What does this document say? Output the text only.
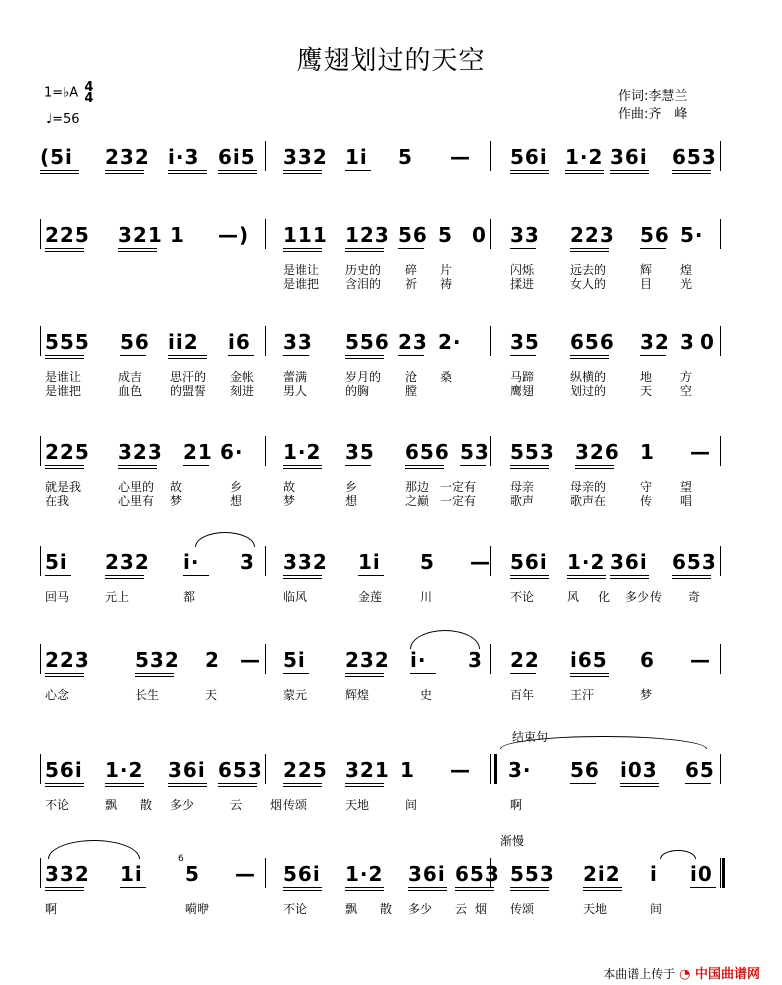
鹰翅划过的天空
作词:李慧兰
作曲:齐　峰
1=♭A 4
4
♩=56
(5i 232 i·3 6i5 332 1i 5 — 56i 1·2 36i 653
225 321 1 —) 111 123 56 5 0 33 223 56 5·
是谁让 历史的 碎 片	闪烁	远去的	辉 煌
是谁把 含泪的 祈 祷	揉进	女人的	目 光
555 56 ii2 i6 33 556 23 2· 35 656 32 3 0
是谁让	成吉 思汗的 金帐 蕾满	岁月的 沧 桑	马蹄	纵横的	地 方
是谁把	血色 的盟誓 刻进 男人	的胸	膛	鹰翅	划过的	天 空
225 323 21 6· 1·2 35 656 53 553 326 1 —
就是我	心里的 故	乡	故	乡	那边 一定有	母亲	母亲的	守 望
在我	心里有 梦	想	梦	想	之巅 一定有	歌声	歌声在	传 唱
5i 232 i· 3 332 1i 5 — 56i 1·2 36i 653
回马	元上	都	临风	金莲	川	不论	风 化 多少 传 奇
223 532 2 — 5i 232 i· 3 22 i65 6 —
心念	长生	天	蒙元	辉煌	史	百年	王汗	梦
56i 1·2 36i 653 225 321 1 — 3· 56 i03 65
不论	飘 散 多少	云 烟 传颂	天地	间	啊
结束句
332 1i 5 — 56i 1·2 36i 653 553 2i2 i i0
啊	嗬咿	不论	飘 散 多少 云 烟 传颂	天地	间
渐慢
6
本曲谱上传于 ◔ 中国曲谱网
